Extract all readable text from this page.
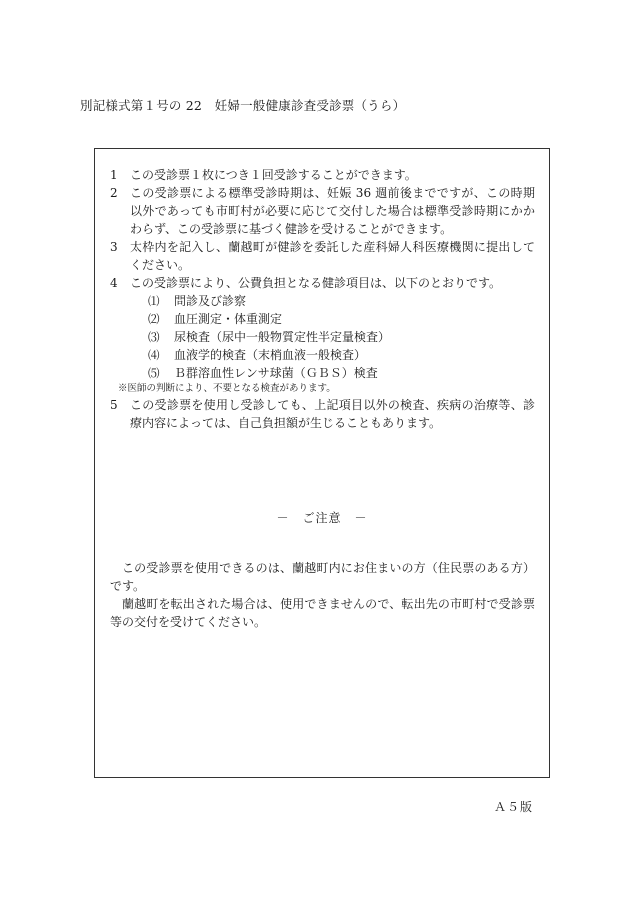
別記様式第１号の 22　妊婦一般健康診査受診票（うら）
1	この受診票１枚につき１回受診することができます。
2	この受診票による標準受診時期は、妊娠 36 週前後までですが、この時期以外であっても市町村が必要に応じて交付した場合は標準受診時期にかかわらず、この受診票に基づく健診を受けることができます。
3	太枠内を記入し、蘭越町が健診を委託した産科婦人科医療機関に提出してください。
4	この受診票により、公費負担となる健診項目は、以下のとおりです。
⑴	問診及び診察
⑵	血圧測定・体重測定
⑶	尿検査（尿中一般物質定性半定量検査）
⑷	血液学的検査（末梢血液一般検査）
⑸	Ｂ群溶血性レンサ球菌（ＧＢＳ）検査
※医師の判断により、不要となる検査があります。
5	この受診票を使用し受診しても、上記項目以外の検査、疾病の治療等、診療内容によっては、自己負担額が生じることもあります。
－　ご注意　－

この受診票を使用できるのは、蘭越町内にお住まいの方（住民票のある方）です。

蘭越町を転出された場合は、使用できませんので、転出先の市町村で受診票等の交付を受けてください。

Ａ５版
